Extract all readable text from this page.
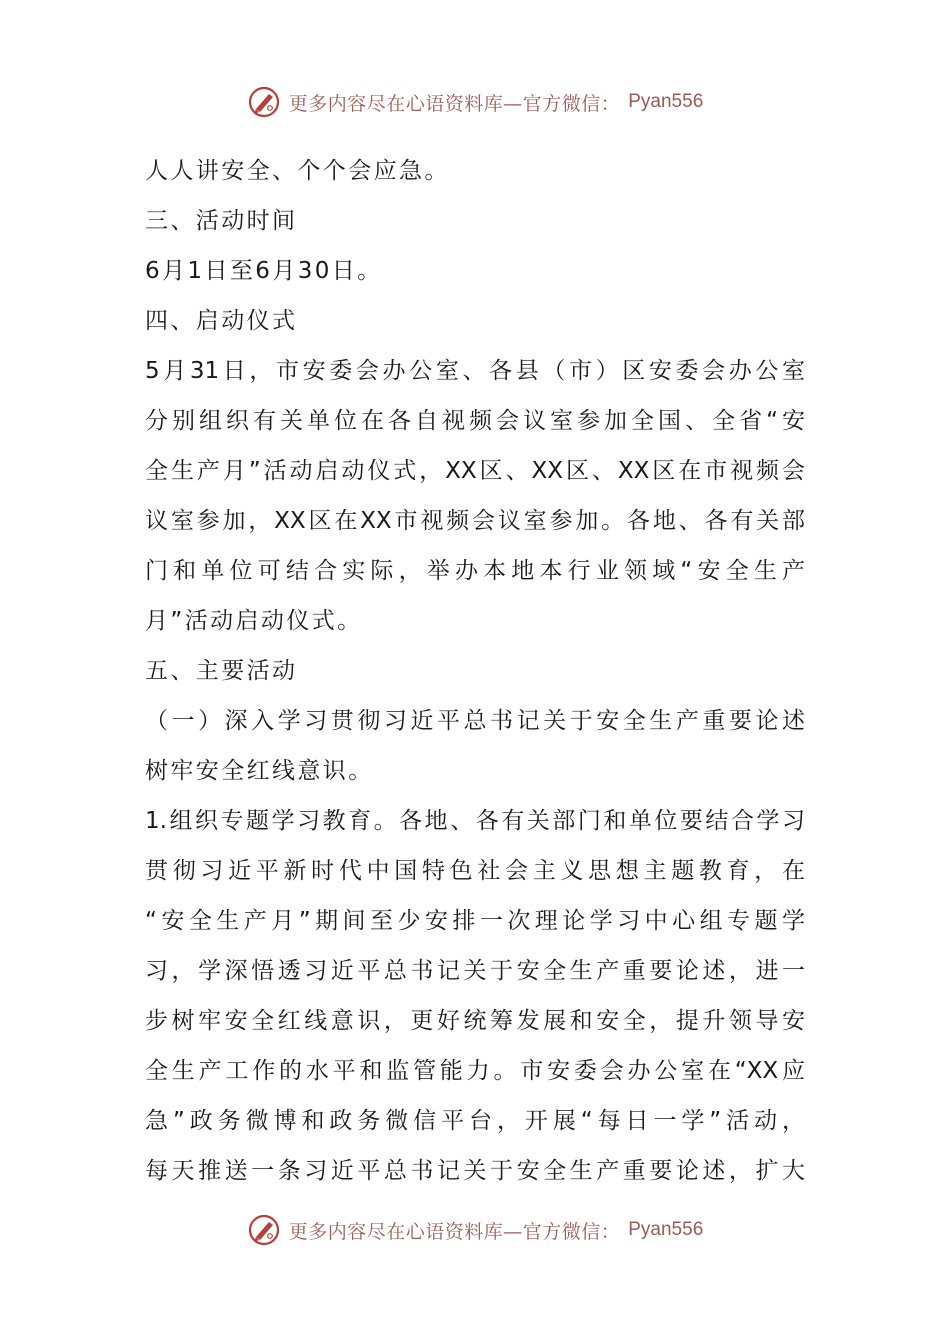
更多内容尽在心语资料库—官方微信： Pyan556
人人讲安全、个个会应急。
三、活动时间
6月1日至6月30日。
四、启动仪式
5月31日，市安委会办公室、各县（市）区安委会办公室
分别组织有关单位在各自视频会议室参加全国、全省“安
全生产月”活动启动仪式，XX区、XX区、XX区在市视频会
议室参加，XX区在XX市视频会议室参加。各地、各有关部
门和单位可结合实际，举办本地本行业领域“安全生产
月”活动启动仪式。
五、主要活动
（一）深入学习贯彻习近平总书记关于安全生产重要论述
树牢安全红线意识。
1.组织专题学习教育。各地、各有关部门和单位要结合学习
贯彻习近平新时代中国特色社会主义思想主题教育，在
“安全生产月”期间至少安排一次理论学习中心组专题学
习，学深悟透习近平总书记关于安全生产重要论述，进一
步树牢安全红线意识，更好统筹发展和安全，提升领导安
全生产工作的水平和监管能力。市安委会办公室在“XX应
急”政务微博和政务微信平台，开展“每日一学”活动，
每天推送一条习近平总书记关于安全生产重要论述，扩大
更多内容尽在心语资料库—官方微信： Pyan556
